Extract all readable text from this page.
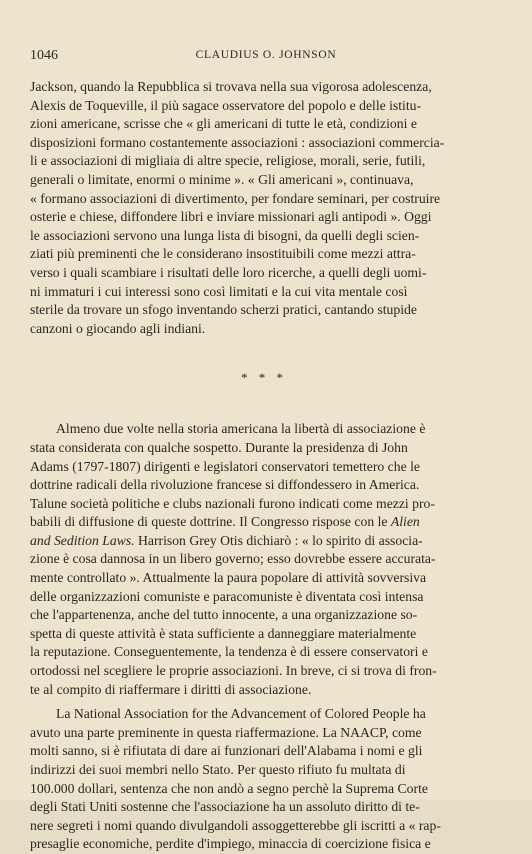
1046	CLAUDIUS O. JOHNSON

Jackson, quando la Repubblica si trovava nella sua vigorosa adolescenza,
Alexis de Toqueville, il più sagace osservatore del popolo e delle istitu-
zioni americane, scrisse che « gli americani di tutte le età, condizioni e
disposizioni formano costantemente associazioni : associazioni commercia-
li e associazioni di migliaia di altre specie, religiose, morali, serie, futili,
generali o limitate, enormi o minime ». « Gli americani », continuava,
« formano associazioni di divertimento, per fondare seminari, per costruire
osterie e chiese, diffondere libri e inviare missionari agli antipodi ». Oggi
le associazioni servono una lunga lista di bisogni, da quelli degli scien-
ziati più preminenti che le considerano insostituibili come mezzi attra-
verso i quali scambiare i risultati delle loro ricerche, a quelli degli uomi-
ni immaturi i cui interessi sono così limitati e la cui vita mentale così
sterile da trovare un sfogo inventando scherzi pratici, cantando stupide
canzoni o giocando agli indiani.

* * *

Almeno due volte nella storia americana la libertà di associazione è
stata considerata con qualche sospetto. Durante la presidenza di John
Adams (1797-1807) dirigenti e legislatori conservatori temettero che le
dottrine radicali della rivoluzione francese si diffondessero in America.
Talune società politiche e clubs nazionali furono indicati come mezzi pro-
babili di diffusione di queste dottrine. Il Congresso rispose con le Alien
and Sedition Laws. Harrison Grey Otis dichiarò : « lo spirito di associa-
zione è cosa dannosa in un libero governo; esso dovrebbe essere accurata-
mente controllato ». Attualmente la paura popolare di attività sovversiva
delle organizzazioni comuniste e paracomuniste è diventata così intensa
che l'appartenenza, anche del tutto innocente, a una organizzazione so-
spetta di queste attività è stata sufficiente a danneggiare materialmente
la reputazione. Conseguentemente, la tendenza è di essere conservatori e
ortodossi nel scegliere le proprie associazioni. In breve, ci si trova di fron-
te al compito di riaffermare i diritti di associazione.

La National Association for the Advancement of Colored People ha
avuto una parte preminente in questa riaffermazione. La NAACP, come
molti sanno, si è rifiutata di dare ai funzionari dell'Alabama i nomi e gli
indirizzi dei suoi membri nello Stato. Per questo rifiuto fu multata di
100.000 dollari, sentenza che non andò a segno perchè la Suprema Corte
degli Stati Uniti sostenne che l'associazione ha un assoluto diritto di te-
nere segreti i nomi quando divulgandoli assoggetterebbe gli iscritti a « rap-
presaglie economiche, perdite d'impiego, minaccia di coercizione fisica e
